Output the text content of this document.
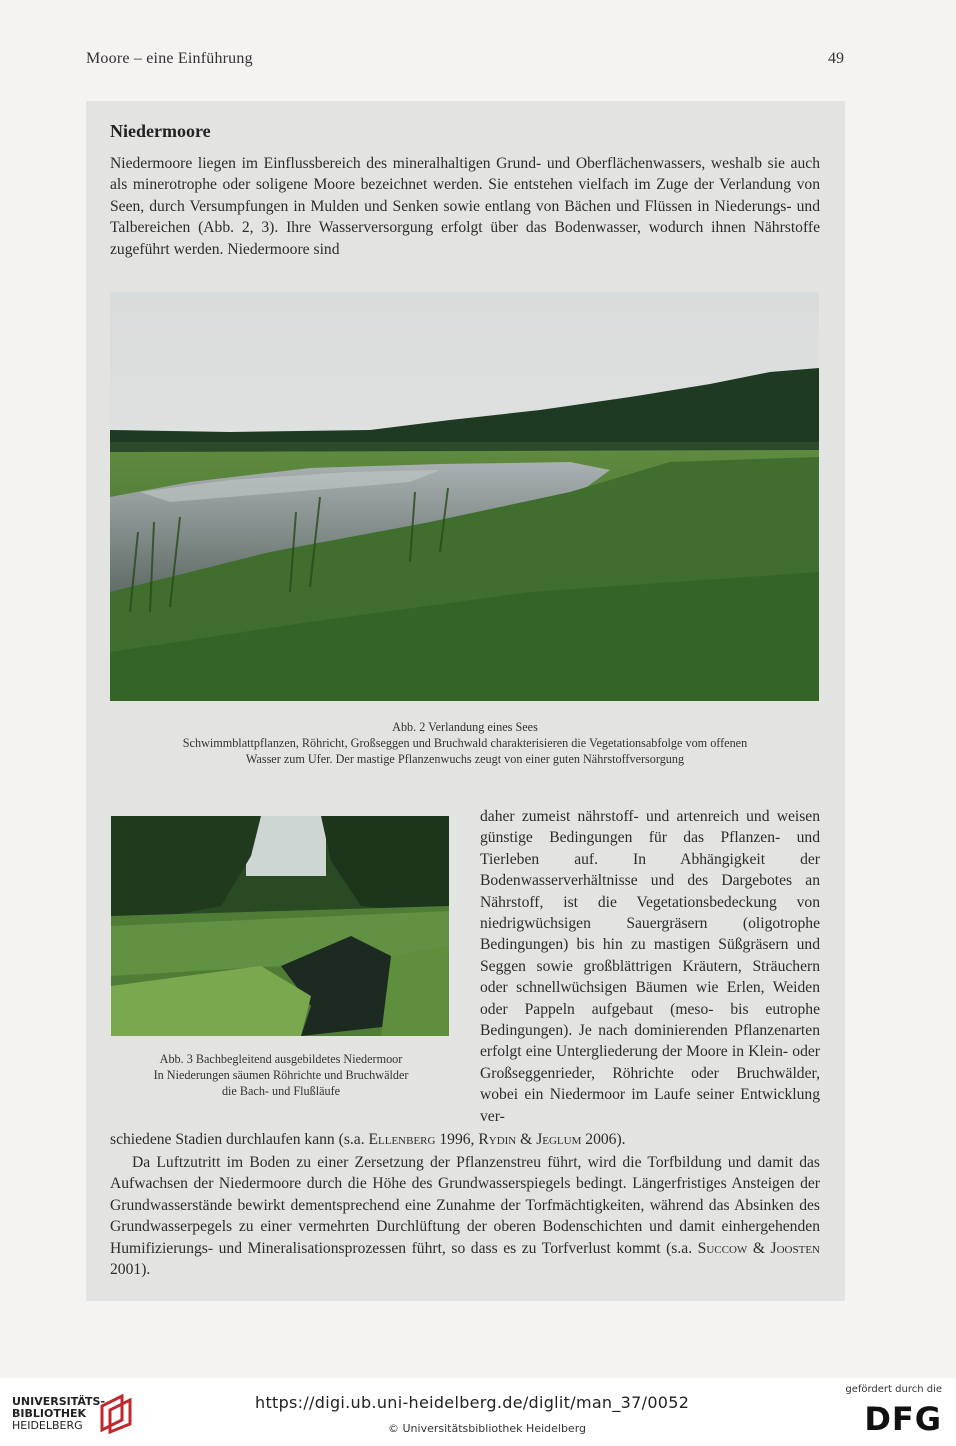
Moore – eine Einführung	49
Niedermoore

Niedermoore liegen im Einflussbereich des mineralhaltigen Grund- und Oberflächenwassers, weshalb sie auch als minerotrophe oder soligene Moore bezeichnet werden. Sie entstehen vielfach im Zuge der Verlandung von Seen, durch Versumpfungen in Mulden und Senken sowie entlang von Bächen und Flüssen in Niederungs- und Talbereichen (Abb. 2, 3). Ihre Wasserversorgung erfolgt über das Bodenwasser, wodurch ihnen Nährstoffe zugeführt werden. Niedermoore sind

Abb. 2 Verlandung eines Sees
Schwimmblattpflanzen, Röhricht, Großseggen und Bruchwald charakterisieren die Vegetationsabfolge vom offenen
Wasser zum Ufer. Der mastige Pflanzenwuchs zeugt von einer guten Nährstoffversorgung
Abb. 3 Bachbegleitend ausgebildetes Niedermoor
In Niederungen säumen Röhrichte und Bruchwälder
die Bach- und Flußläufe

daher zumeist nährstoff- und artenreich und weisen günstige Bedingungen für das Pflanzen- und Tierleben auf. In Abhängigkeit der Bodenwasserverhältnisse und des Dargebotes an Nährstoff, ist die Vegetationsbedeckung von niedrigwüchsigen Sauergräsern (oligotrophe Bedingungen) bis hin zu mastigen Süßgräsern und Seggen sowie großblättrigen Kräutern, Sträuchern oder schnellwüchsigen Bäumen wie Erlen, Weiden oder Pappeln aufgebaut (meso- bis eutrophe Bedingungen). Je nach dominierenden Pflanzenarten erfolgt eine Untergliederung der Moore in Klein- oder Großseggenrieder, Röhrichte oder Bruchwälder, wobei ein Niedermoor im Laufe seiner Entwicklung ver-

schiedene Stadien durchlaufen kann (s.a. Ellenberg 1996, Rydin & Jeglum 2006).

Da Luftzutritt im Boden zu einer Zersetzung der Pflanzenstreu führt, wird die Torfbildung und damit das Aufwachsen der Niedermoore durch die Höhe des Grundwasserspiegels bedingt. Längerfristiges Ansteigen der Grundwasserstände bewirkt dementsprechend eine Zunahme der Torfmächtigkeiten, während das Absinken des Grundwasserpegels zu einer vermehrten Durchlüftung der oberen Bodenschichten und damit einhergehenden Humifizierungs- und Mineralisationsprozessen führt, so dass es zu Torfverlust kommt (s.a. Succow & Joosten 2001).

UNIVERSITÄTS-
BIBLIOTHEK
HEIDELBERG
https://digi.ub.uni-heidelberg.de/diglit/man_37/0052
© Universitätsbibliothek Heidelberg
gefördert durch die
DFG
